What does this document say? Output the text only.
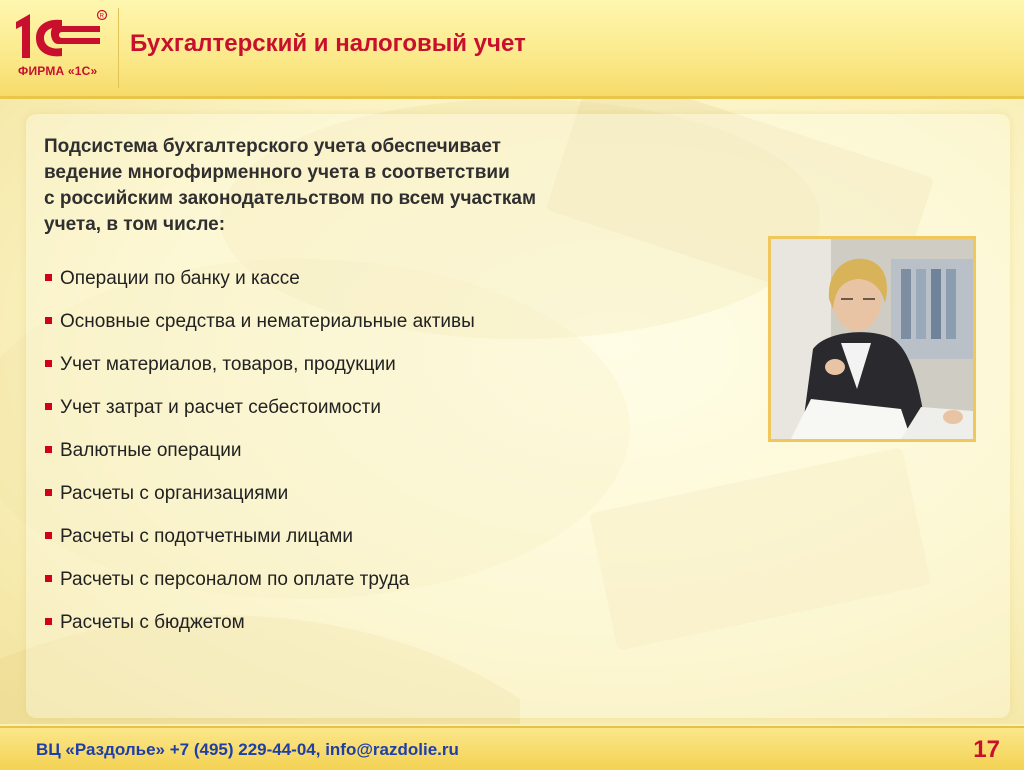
R
ФИРМА «1С»
Бухгалтерский и налоговый учет
Подсистема бухгалтерского учета обеспечивает
ведение многофирменного учета в соответствии
с российским законодательством по всем участкам
учета, в том числе:
Операции по банку и кассе
Основные средства и нематериальные активы
Учет материалов, товаров, продукции
Учет затрат и расчет себестоимости
Валютные операции
Расчеты с организациями
Расчеты с подотчетными лицами
Расчеты с персоналом по оплате труда
Расчеты с бюджетом
ВЦ «Раздолье» +7 (495) 229-44-04, info@razdolie.ru	17
